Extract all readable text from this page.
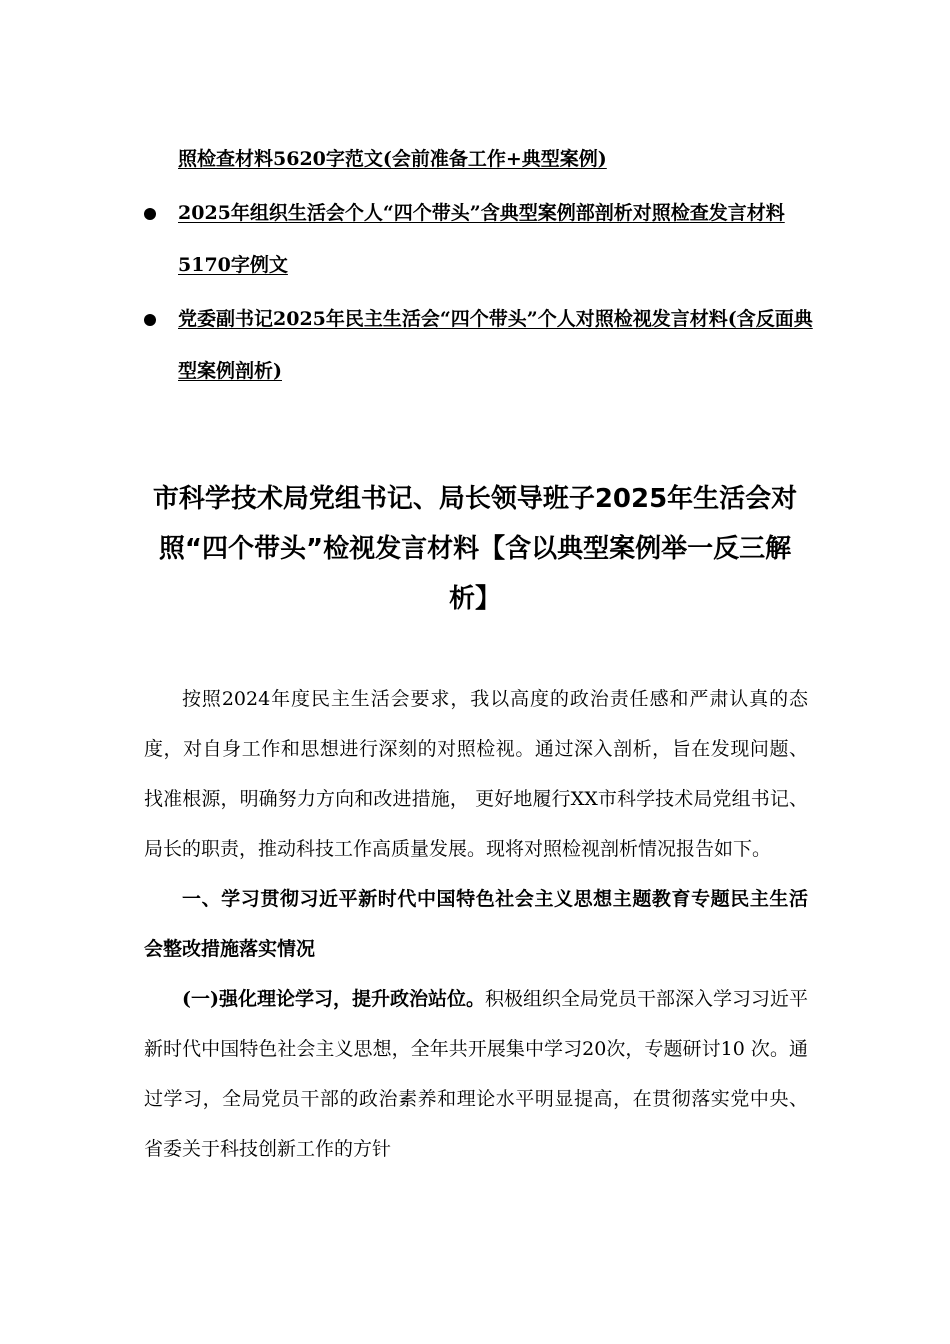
照检查材料5620字范文(会前准备工作+典型案例)
2025年组织生活会个人“四个带头”含典型案例部剖析对照检查发言材料5170字例文
党委副书记2025年民主生活会“四个带头”个人对照检视发言材料(含反面典型案例剖析)
市科学技术局党组书记、局长领导班子2025年生活会对照“四个带头”检视发言材料【含以典型案例举一反三解析】

按照2024年度民主生活会要求，我以高度的政治责任感和严肃认真的态度，对自身工作和思想进行深刻的对照检视。通过深入剖析，旨在发现问题、找准根源，明确努力方向和改进措施， 更好地履行XX市科学技术局党组书记、局长的职责，推动科技工作高质量发展。现将对照检视剖析情况报告如下。

一、学习贯彻习近平新时代中国特色社会主义思想主题教育专题民主生活会整改措施落实情况

(一)强化理论学习，提升政治站位。积极组织全局党员干部深入学习习近平新时代中国特色社会主义思想，全年共开展集中学习20次，专题研讨10 次。通过学习，全局党员干部的政治素养和理论水平明显提高，在贯彻落实党中央、省委关于科技创新工作的方针
